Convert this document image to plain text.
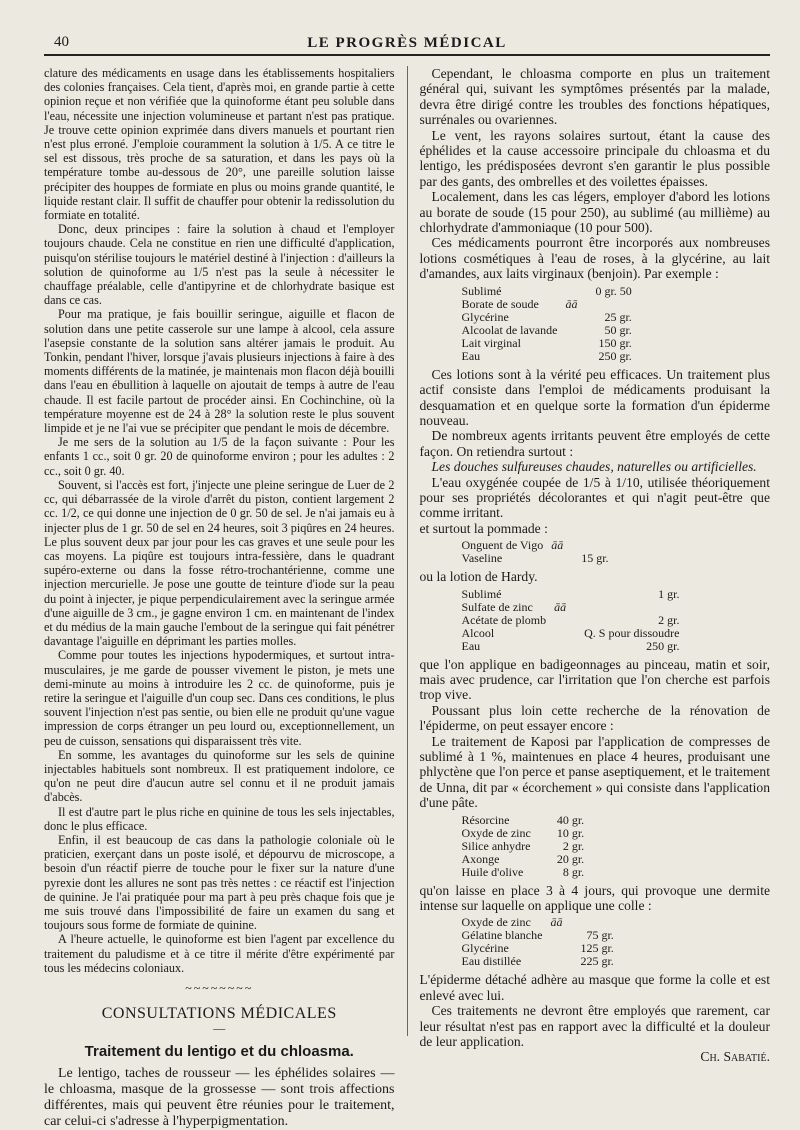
40	LE PROGRÈS MÉDICAL

clature des médicaments en usage dans les établissements hospitaliers des colonies françaises. Cela tient, d'après moi, en grande partie à cette opinion reçue et non vérifiée que la quinoforme étant peu soluble dans l'eau, nécessite une injection volumineuse et partant n'est pas pratique. Je trouve cette opinion exprimée dans divers manuels et pourtant rien n'est plus erroné. J'emploie couramment la solution à 1/5. A ce titre le sel est dissous, très proche de sa saturation, et dans les pays où la température tombe au-dessous de 20°, une pareille solution laisse précipiter des houppes de formiate en plus ou moins grande quantité, le liquide restant clair. Il suffit de chauffer pour obtenir la redissolution du formiate en totalité.

Donc, deux principes : faire la solution à chaud et l'employer toujours chaude. Cela ne constitue en rien une difficulté d'application, puisqu'on stérilise toujours le matériel destiné à l'injection : d'ailleurs la solution de quinoforme au 1/5 n'est pas la seule à nécessiter le chauffage préalable, celle d'antipyrine et de chlorhydrate basique est dans ce cas.

Pour ma pratique, je fais bouillir seringue, aiguille et flacon de solution dans une petite casserole sur une lampe à alcool, cela assure l'asepsie constante de la solution sans altérer jamais le produit. Au Tonkin, pendant l'hiver, lorsque j'avais plusieurs injections à faire à des moments différents de la matinée, je maintenais mon flacon déjà bouilli dans l'eau en ébullition à laquelle on ajoutait de temps à autre de l'eau chaude. Il est facile partout de procéder ainsi. En Cochinchine, où la température moyenne est de 24 à 28° la solution reste le plus souvent limpide et je ne l'ai vue se précipiter que pendant le mois de décembre.

Je me sers de la solution au 1/5 de la façon suivante : Pour les enfants 1 cc., soit 0 gr. 20 de quinoforme environ ; pour les adultes : 2 cc., soit 0 gr. 40.

Souvent, si l'accès est fort, j'injecte une pleine seringue de Luer de 2 cc, qui débarrassée de la virole d'arrêt du piston, contient largement 2 cc. 1/2, ce qui donne une injection de 0 gr. 50 de sel. Je n'ai jamais eu à injecter plus de 1 gr. 50 de sel en 24 heures, soit 3 piqûres en 24 heures. Le plus souvent deux par jour pour les cas graves et une seule pour les cas moyens. La piqûre est toujours intra-fessière, dans le quadrant supéro-externe ou dans la fosse rétro-trochantérienne, comme une injection mercurielle. Je pose une goutte de teinture d'iode sur la peau du point à injecter, je pique perpendiculairement avec la seringue armée d'une aiguille de 3 cm., je gagne environ 1 cm. en maintenant de l'index et du médius de la main gauche l'embout de la seringue qui fait pénétrer davantage l'aiguille en déprimant les parties molles.

Comme pour toutes les injections hypodermiques, et surtout intra-musculaires, je me garde de pousser vivement le piston, je mets une demi-minute au moins à introduire les 2 cc. de quinoforme, puis je retire la seringue et l'aiguille d'un coup sec. Dans ces conditions, le plus souvent l'injection n'est pas sentie, ou bien elle ne produit qu'une vague impression de corps étranger un peu lourd ou, exceptionnellement, un peu de cuisson, sensations qui disparaissent très vite.

En somme, les avantages du quinoforme sur les sels de quinine injectables habituels sont nombreux. Il est pratiquement indolore, ce qu'on ne peut dire d'aucun autre sel connu et il ne produit jamais d'abcès.

Il est d'autre part le plus riche en quinine de tous les sels injectables, donc le plus efficace.

Enfin, il est beaucoup de cas dans la pathologie coloniale où le praticien, exerçant dans un poste isolé, et dépourvu de microscope, a besoin d'un réactif pierre de touche pour le fixer sur la nature d'une pyrexie dont les allures ne sont pas très nettes : ce réactif est l'injection de quinine. Je l'ai pratiquée pour ma part à peu près chaque fois que je me suis trouvé dans l'impossibilité de faire un examen du sang et toujours sous forme de formiate de quinine.

A l'heure actuelle, le quinoforme est bien l'agent par excellence du traitement du paludisme et à ce titre il mérite d'être expérimenté par tous les médecins coloniaux.

~~~~~~~~
CONSULTATIONS MÉDICALES
—
Traitement du lentigo et du chloasma.

Le lentigo, taches de rousseur — les éphélides solaires — le chloasma, masque de la grossesse — sont trois affections différentes, mais qui peuvent être réunies pour le traitement, car celui-ci s'adresse à l'hyperpigmentation.

Cependant, le chloasma comporte en plus un traitement général qui, suivant les symptômes présentés par la malade, devra être dirigé contre les troubles des fonctions hépatiques, surrénales ou ovariennes.

Le vent, les rayons solaires surtout, étant la cause des éphélides et la cause accessoire principale du chloasma et du lentigo, les prédisposées devront s'en garantir le plus possible par des gants, des ombrelles et des voilettes épaisses.

Localement, dans les cas légers, employer d'abord les lotions au borate de soude (15 pour 250), au sublimé (au millième) au chlorhydrate d'ammoniaque (10 pour 500).

Ces médicaments pourront être incorporés aux nombreuses lotions cosmétiques à l'eau de roses, à la glycérine, au lait d'amandes, aux laits virginaux (benjoin). Par exemple :

Sublimé		0 gr. 50
Borate de soude	āā	
Glycérine		25 gr.
Alcoolat de lavande		50 gr.
Lait virginal		150 gr.
Eau		250 gr.

Ces lotions sont à la vérité peu efficaces. Un traitement plus actif consiste dans l'emploi de médicaments produisant la desquamation et en quelque sorte la formation d'un épiderme nouveau.

De nombreux agents irritants peuvent être employés de cette façon. On retiendra surtout :

Les douches sulfureuses chaudes, naturelles ou artificielles.

L'eau oxygénée coupée de 1/5 à 1/10, utilisée théoriquement pour ses propriétés décolorantes et qui n'agit peut-être que comme irritant.

et surtout la pommade :

Onguent de Vigo	āā	
Vaseline		15 gr.

ou la lotion de Hardy.

Sublimé		1 gr.
Sulfate de zinc	āā	
Acétate de plomb		2 gr.
Alcool		Q. S pour dissoudre
Eau		250 gr.

que l'on applique en badigeonnages au pinceau, matin et soir, mais avec prudence, car l'irritation que l'on cherche est parfois trop vive.

Poussant plus loin cette recherche de la rénovation de l'épiderme, on peut essayer encore :

Le traitement de Kaposi par l'application de compresses de sublimé à 1 %, maintenues en place 4 heures, produisant une phlyctène que l'on perce et panse aseptiquement, et le traitement de Unna, dit par « écorchement » qui consiste dans l'application d'une pâte.

Résorcine		40 gr.
Oxyde de zinc		10 gr.
Silice anhydre		2 gr.
Axonge		20 gr.
Huile d'olive		8 gr.

qu'on laisse en place 3 à 4 jours, qui provoque une dermite intense sur laquelle on applique une colle :

Oxyde de zinc	āā	
Gélatine blanche		75 gr.
Glycérine		125 gr.
Eau distillée		225 gr.

L'épiderme détaché adhère au masque que forme la colle et est enlevé avec lui.

Ces traitements ne devront être employés que rarement, car leur résultat n'est pas en rapport avec la difficulté et la douleur de leur application.

Ch. Sabatié.
